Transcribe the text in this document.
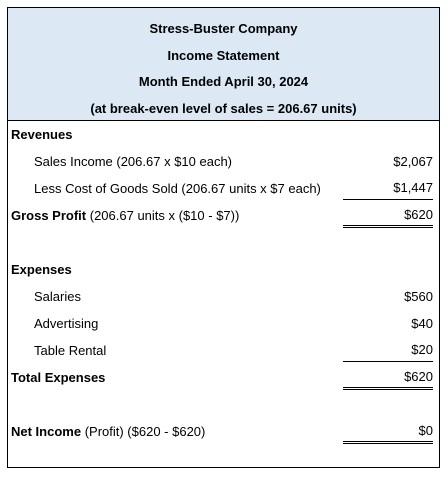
Stress-Buster Company
Income Statement
Month Ended April 30, 2024
(at break-even level of sales = 206.67 units)
Revenues
Sales Income (206.67 x $10 each)	$2,067
Less Cost of Goods Sold (206.67 units x $7 each)	$1,447
Gross Profit (206.67 units x ($10 - $7))	$620
Expenses
Salaries	$560
Advertising	$40
Table Rental	$20
Total Expenses	$620
Net Income (Profit) ($620 - $620)	$0
